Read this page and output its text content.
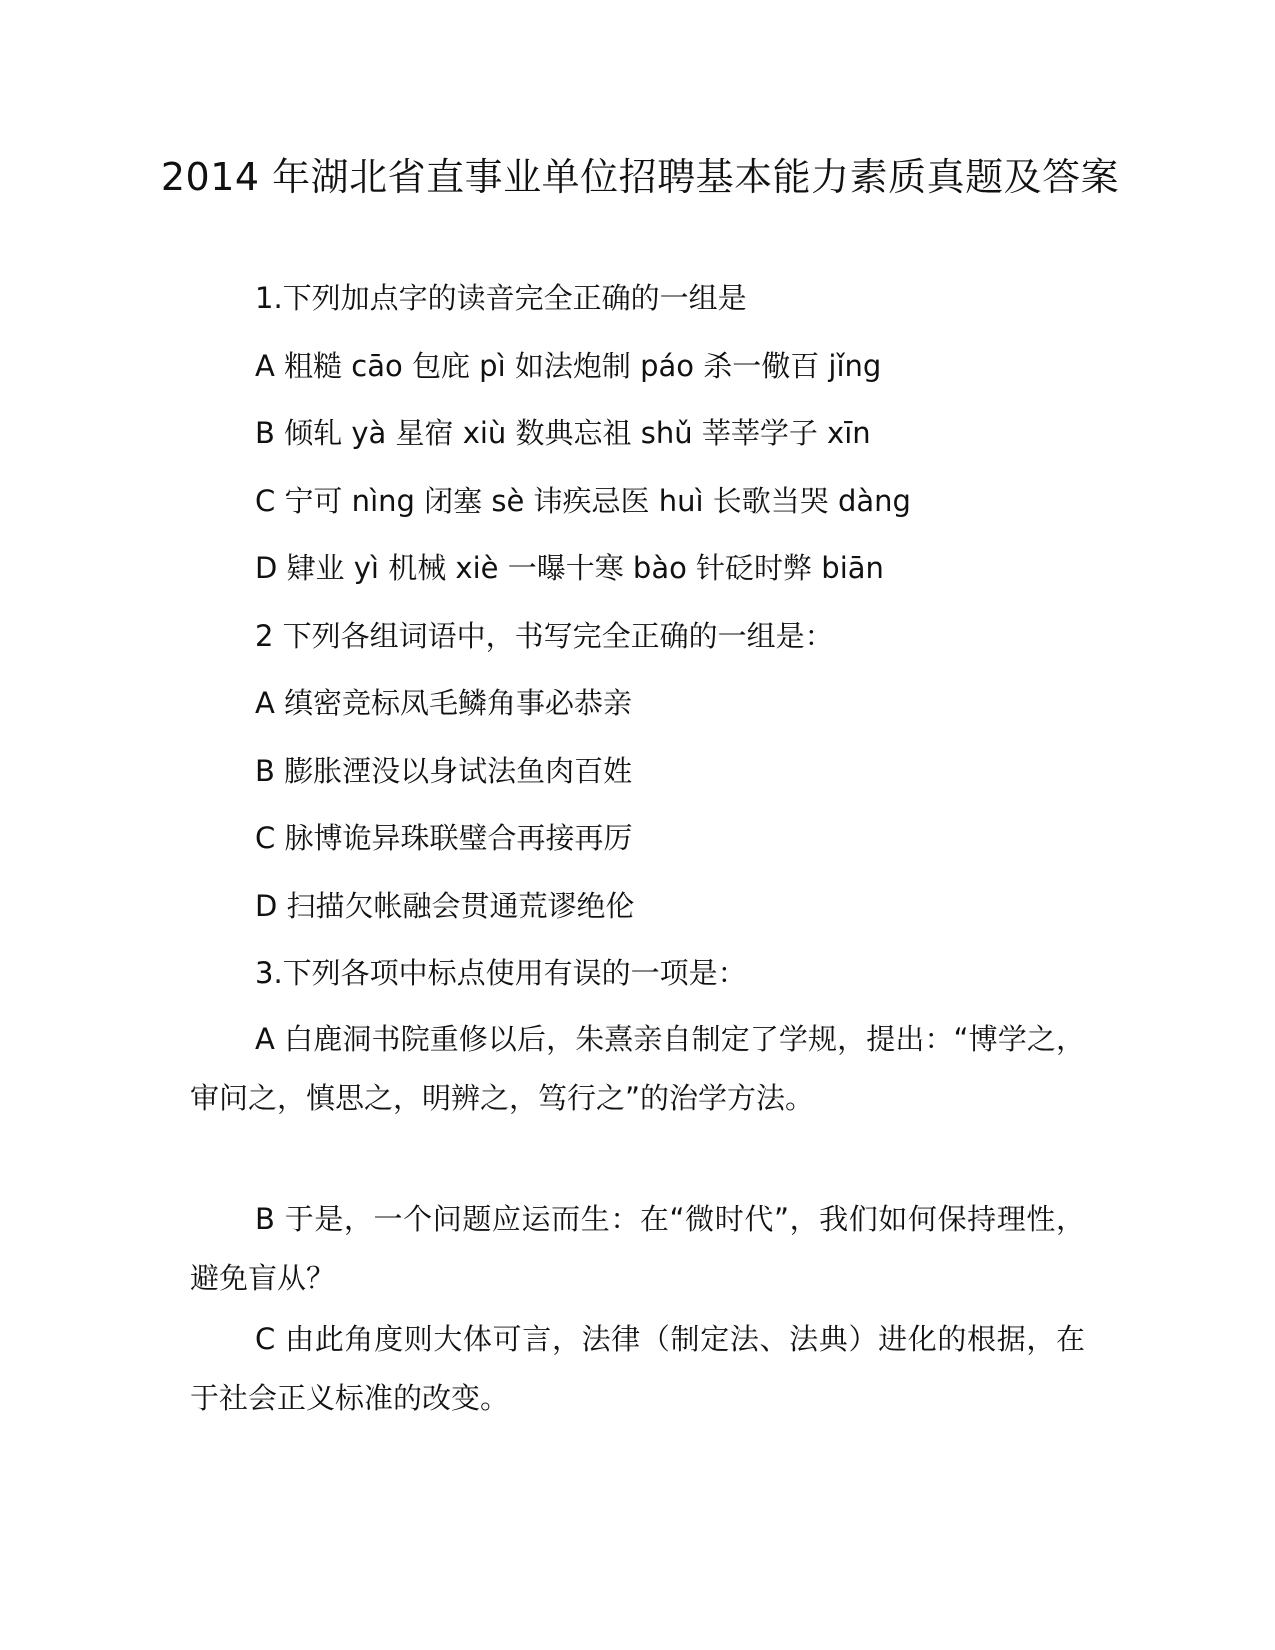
2014 年湖北省直事业单位招聘基本能力素质真题及答案

1.下列加点字的读音完全正确的一组是

A 粗糙 cāo 包庇 pì 如法炮制 páo 杀一儆百 jǐng

B 倾轧 yà 星宿 xiù 数典忘祖 shǔ 莘莘学子 xīn

C 宁可 nìng 闭塞 sè 讳疾忌医 huì 长歌当哭 dàng

D 肄业 yì 机械 xiè 一曝十寒 bào 针砭时弊 biān

2 下列各组词语中，书写完全正确的一组是：

A 缜密竞标凤毛鳞角事必恭亲

B 膨胀湮没以身试法鱼肉百姓

C 脉博诡异珠联璧合再接再厉

D 扫描欠帐融会贯通荒谬绝伦

3.下列各项中标点使用有误的一项是：

A 白鹿洞书院重修以后，朱熹亲自制定了学规，提出：“博学之，审问之，慎思之，明辨之，笃行之”的治学方法。

B 于是，一个问题应运而生：在“微时代”，我们如何保持理性，避免盲从？

C 由此角度则大体可言，法律（制定法、法典）进化的根据，在于社会正义标准的改变。
